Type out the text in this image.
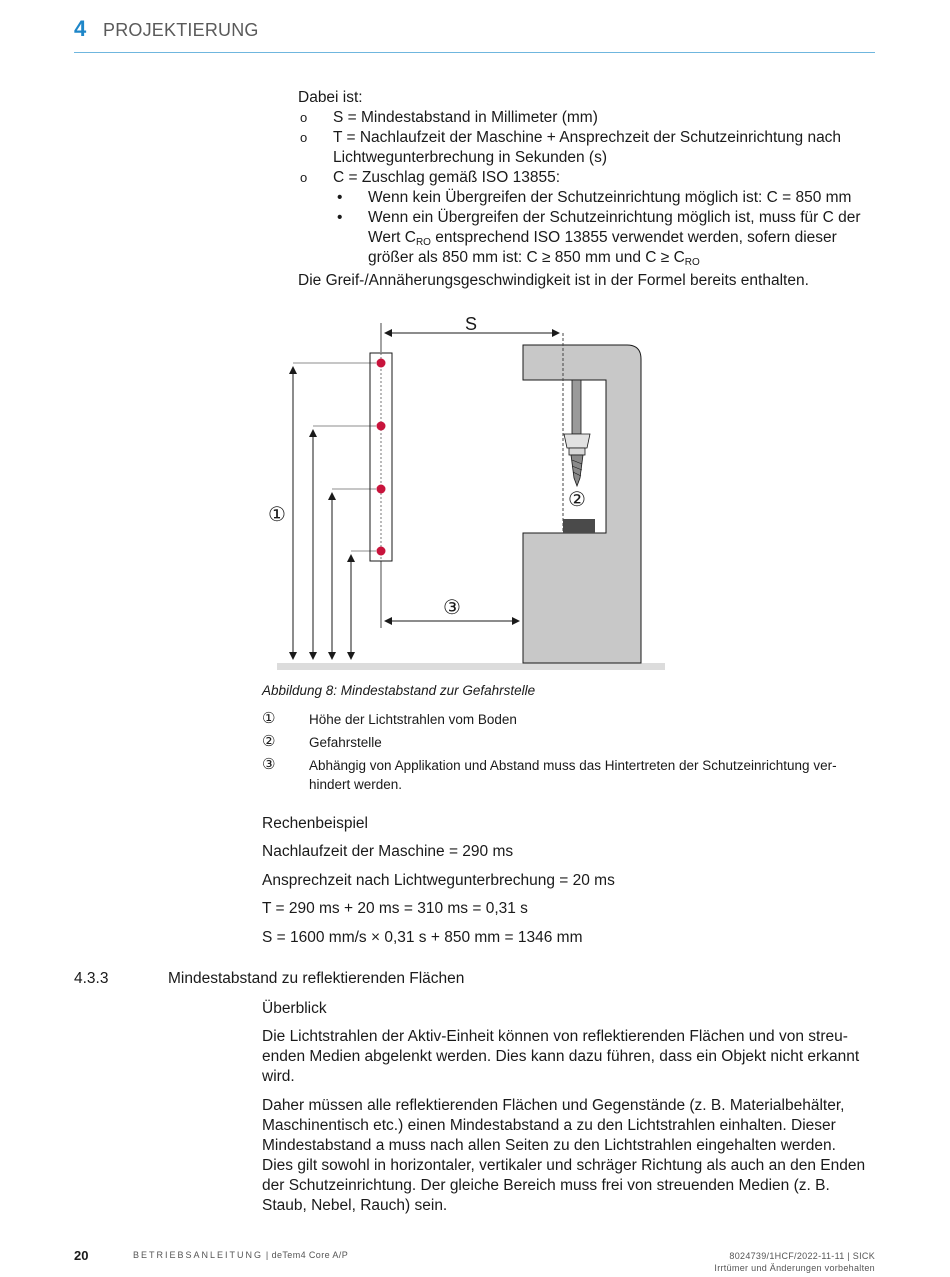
4 PROJEKTIERUNG
Dabei ist:
o S = Mindestabstand in Millimeter (mm)
o T = Nachlaufzeit der Maschine + Ansprechzeit der Schutzeinrichtung nach
Lichtwegunterbrechung in Sekunden (s)
o C = Zuschlag gemäß ISO 13855:
• Wenn kein Übergreifen der Schutzeinrichtung möglich ist: C = 850 mm
• Wenn ein Übergreifen der Schutzeinrichtung möglich ist, muss für C der
Wert $C_{RO}$ entsprechend ISO 13855 verwendet werden, sofern dieser
größer als 850 mm ist: C ≥ 850 mm und $C \ge C_{RO}$
Die Greif-/Annäherungsgeschwindigkeit ist in der Formel bereits enthalten.
S
①
②
③
Abbildung 8: Mindestabstand zur Gefahrstelle
① Höhe der Lichtstrahlen vom Boden
② Gefahrstelle
③ Abhängig von Applikation und Abstand muss das Hintertreten der Schutzeinrichtung ver-
hindert werden.
Rechenbeispiel
Nachlaufzeit der Maschine = 290 ms
Ansprechzeit nach Lichtwegunterbrechung = 20 ms
T = 290 ms + 20 ms = 310 ms = 0,31 s
S = 1600 mm/s × 0,31 s + 850 mm = 1346 mm
4.3.3	Mindestabstand zu reflektierenden Flächen
Überblick
Die Lichtstrahlen der Aktiv-Einheit können von reflektierenden Flächen und von streu-
enden Medien abgelenkt werden. Dies kann dazu führen, dass ein Objekt nicht erkannt
wird.
Daher müssen alle reflektierenden Flächen und Gegenstände (z. B. Materialbehälter,
Maschinentisch etc.) einen Mindestabstand a zu den Lichtstrahlen einhalten. Dieser
Mindestabstand a muss nach allen Seiten zu den Lichtstrahlen eingehalten werden.
Dies gilt sowohl in horizontaler, vertikaler und schräger Richtung als auch an den Enden
der Schutzeinrichtung. Der gleiche Bereich muss frei von streuenden Medien (z. B.
Staub, Nebel, Rauch) sein.
20	BETRIEBSANLEITUNG | deTem4 Core A/P	8024739/1HCF/2022-11-11 | SICK
Irrtümer und Änderungen vorbehalten
